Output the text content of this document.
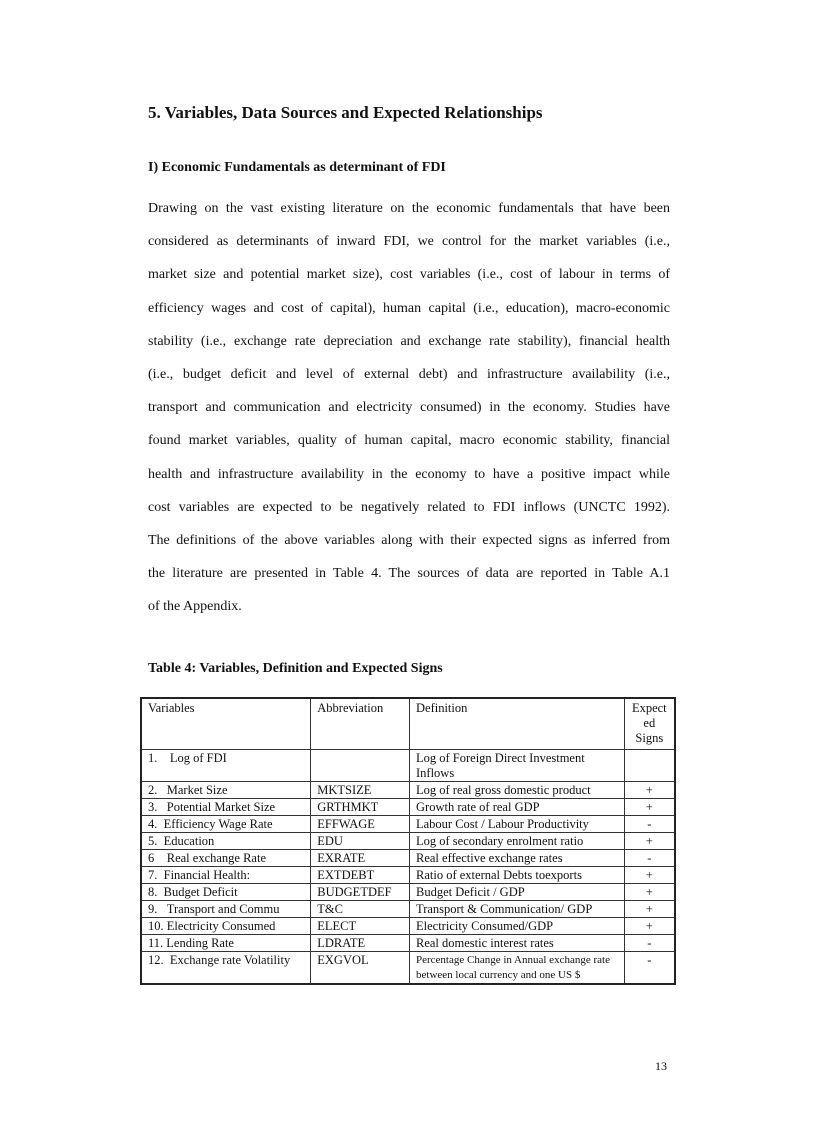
5. Variables, Data Sources and Expected Relationships
I) Economic Fundamentals as determinant of FDI
Drawing on the vast existing literature on the economic fundamentals that have been
considered as determinants of inward FDI, we control for the market variables (i.e.,
market size and potential market size), cost variables (i.e., cost of labour in terms of
efficiency wages and cost of capital), human capital (i.e., education), macro-economic
stability (i.e., exchange rate depreciation and exchange rate stability), financial health
(i.e., budget deficit and level of external debt) and infrastructure availability (i.e.,
transport and communication and electricity consumed) in the economy. Studies have
found market variables, quality of human capital, macro economic stability, financial
health and infrastructure availability in the economy to have a positive impact while
cost variables are expected to be negatively related to FDI inflows (UNCTC 1992).
The definitions of the above variables along with their expected signs as inferred from
the literature are presented in Table 4. The sources of data are reported in Table A.1
of the Appendix.
Table 4: Variables, Definition and Expected Signs
Variables	Abbreviation	Definition	Expect
ed
Signs
1.    Log of FDI		Log of Foreign Direct Investment Inflows	
2.   Market Size	MKTSIZE	Log of real gross domestic product	+
3.   Potential Market Size	GRTHMKT	Growth rate of real GDP	+
4.  Efficiency Wage Rate	EFFWAGE	Labour Cost / Labour Productivity	-
5.  Education	EDU	Log of secondary enrolment ratio	+
6    Real exchange Rate	EXRATE	Real effective exchange rates	-
7.  Financial Health:	EXTDEBT	Ratio of external Debts toexports	+
8.  Budget Deficit	BUDGETDEF	Budget Deficit / GDP	+
9.   Transport and Commu	T&C	Transport & Communication/ GDP	+
10. Electricity Consumed	ELECT	Electricity Consumed/GDP	+
11. Lending Rate	LDRATE	Real domestic interest rates	-
12.  Exchange rate Volatility	EXGVOL	Percentage Change in Annual exchange rate between local currency and one US $	-

13
